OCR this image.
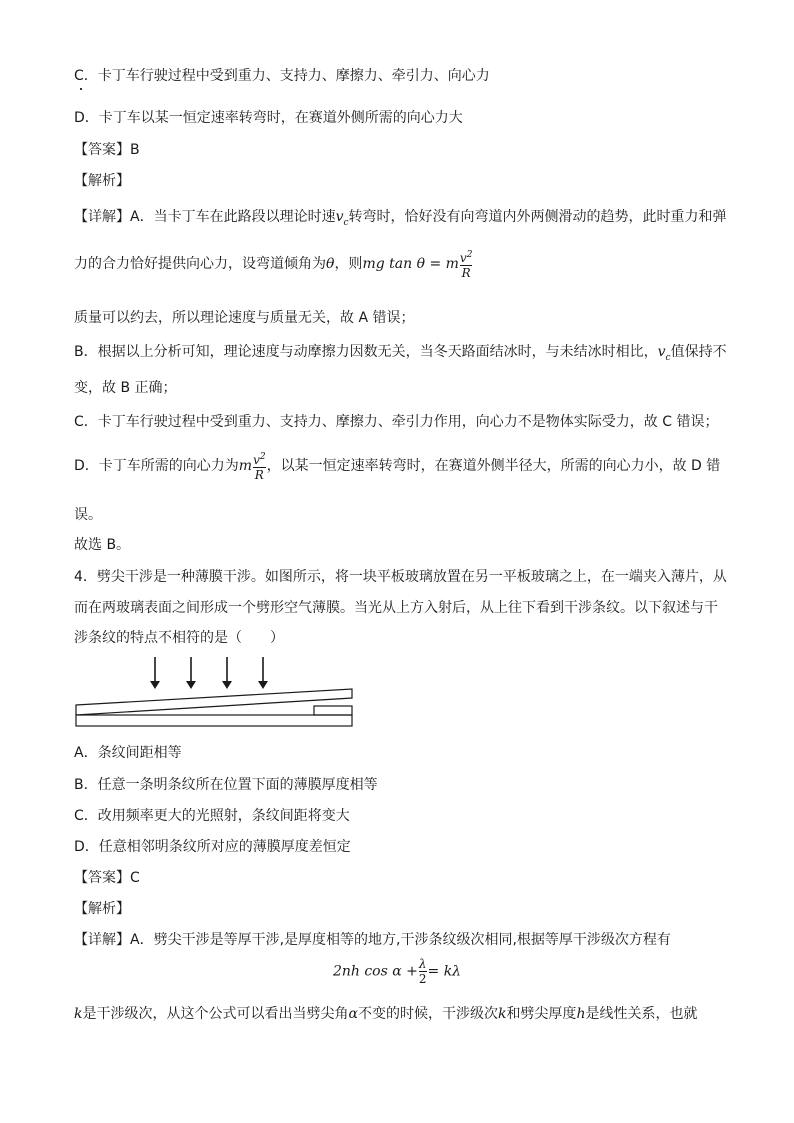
C．卡丁车行驶过程中受到重力、支持力、摩擦力、牵引力、向心力
D．卡丁车以某一恒定速率转弯时，在赛道外侧所需的向心力大
【答案】B
【解析】
【详解】A．当卡丁车在此路段以理论时速$v_c$转弯时，恰好没有向弯道内外两侧滑动的趋势，此时重力和弹
力的合力恰好提供向心力，设弯道倾角为θ，则mg tan θ = m $\frac{v^2}{R}$
质量可以约去，所以理论速度与质量无关，故 A 错误；
B．根据以上分析可知，理论速度与动摩擦力因数无关，当冬天路面结冰时，与未结冰时相比，$v_c$值保持不
变，故 B 正确；
C．卡丁车行驶过程中受到重力、支持力、摩擦力、牵引力作用，向心力不是物体实际受力，故 C 错误；
D．卡丁车所需的向心力为m $\frac{v^2}{R}$ ，以某一恒定速率转弯时，在赛道外侧半径大，所需的向心力小，故 D 错
误。
故选 B。
4．劈尖干涉是一种薄膜干涉。如图所示，将一块平板玻璃放置在另一平板玻璃之上，在一端夹入薄片，从
而在两玻璃表面之间形成一个劈形空气薄膜。当光从上方入射后，从上往下看到干涉条纹。以下叙述与干
涉条纹的特点不相符的是（　　）
A．条纹间距相等
B．任意一条明条纹所在位置下面的薄膜厚度相等
C．改用频率更大的光照射，条纹间距将变大
D．任意相邻明条纹所对应的薄膜厚度差恒定
【答案】C
【解析】
【详解】A．劈尖干涉是等厚干涉,是厚度相等的地方,干涉条纹级次相同,根据等厚干涉级次方程有
2nh $\cos \alpha + \frac{\lambda}{2} = k\lambda$
k是干涉级次，从这个公式可以看出当劈尖角α不变的时候，干涉级次k和劈尖厚度h是线性关系，也就
